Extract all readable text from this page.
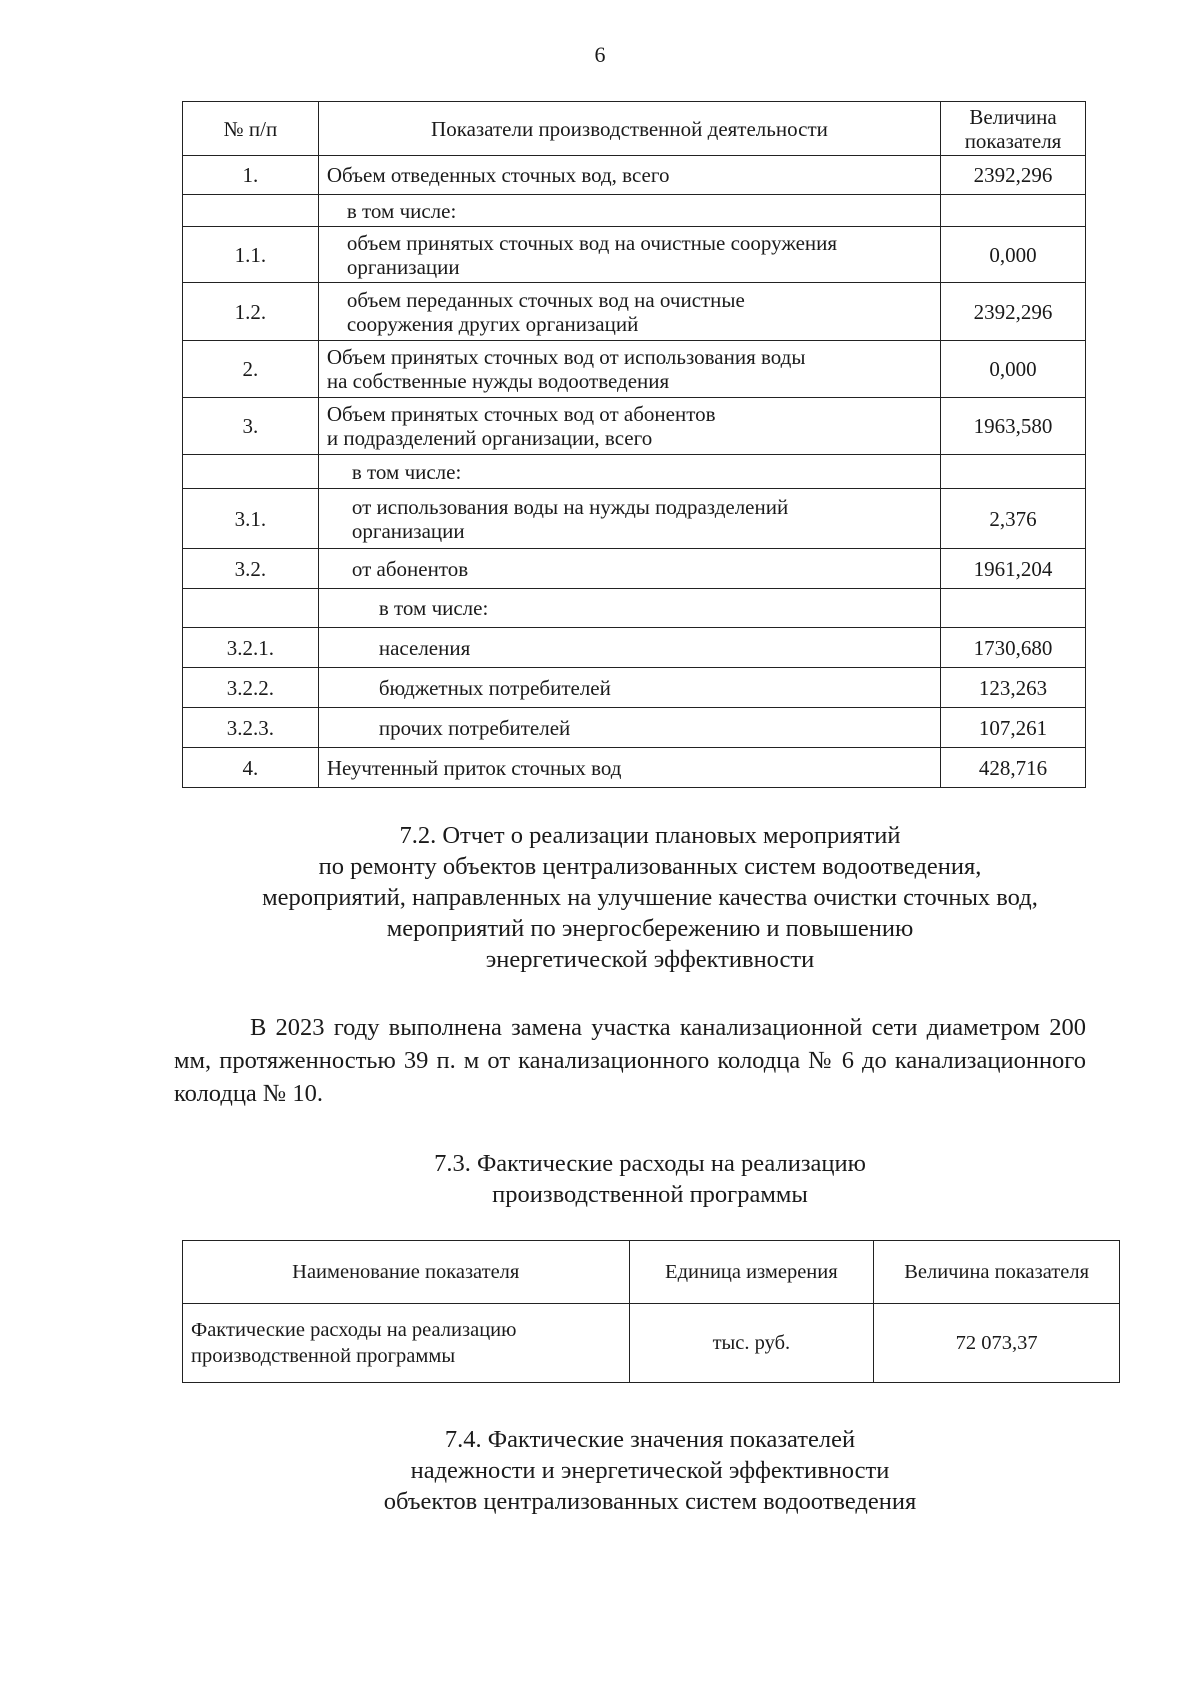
6
№ п/п	Показатели производственной деятельности	Величина
показателя

1.	Объем отведенных сточных вод, всего	2392,296
	в том числе:	
1.1.	объем принятых сточных вод на очистные сооружения
организации	0,000
1.2.	объем переданных сточных вод на очистные
сооружения других организаций	2392,296
2.	Объем принятых сточных вод от использования воды
на собственные нужды водоотведения	0,000
3.	Объем принятых сточных вод от абонентов
и подразделений организации, всего	1963,580
	в том числе:	
3.1.	от использования воды на нужды подразделений
организации	2,376
3.2.	от абонентов	1961,204
	в том числе:	
3.2.1.	населения	1730,680
3.2.2.	бюджетных потребителей	123,263
3.2.3.	прочих потребителей	107,261
4.	Неучтенный приток сточных вод	428,716
7.2. Отчет о реализации плановых мероприятий
по ремонту объектов централизованных систем водоотведения,
мероприятий, направленных на улучшение качества очистки сточных вод,
мероприятий по энергосбережению и повышению
энергетической эффективности
В 2023 году выполнена замена участка канализационной сети диаметром 200 мм, протяженностью 39 п. м от канализационного колодца № 6 до канализационного колодца № 10.
7.3. Фактические расходы на реализацию
производственной программы
Наименование показателя	Единица измерения	Величина показателя

Фактические расходы на реализацию
производственной программы	тыс. руб.	72 073,37
7.4. Фактические значения показателей
надежности и энергетической эффективности
объектов централизованных систем водоотведения
